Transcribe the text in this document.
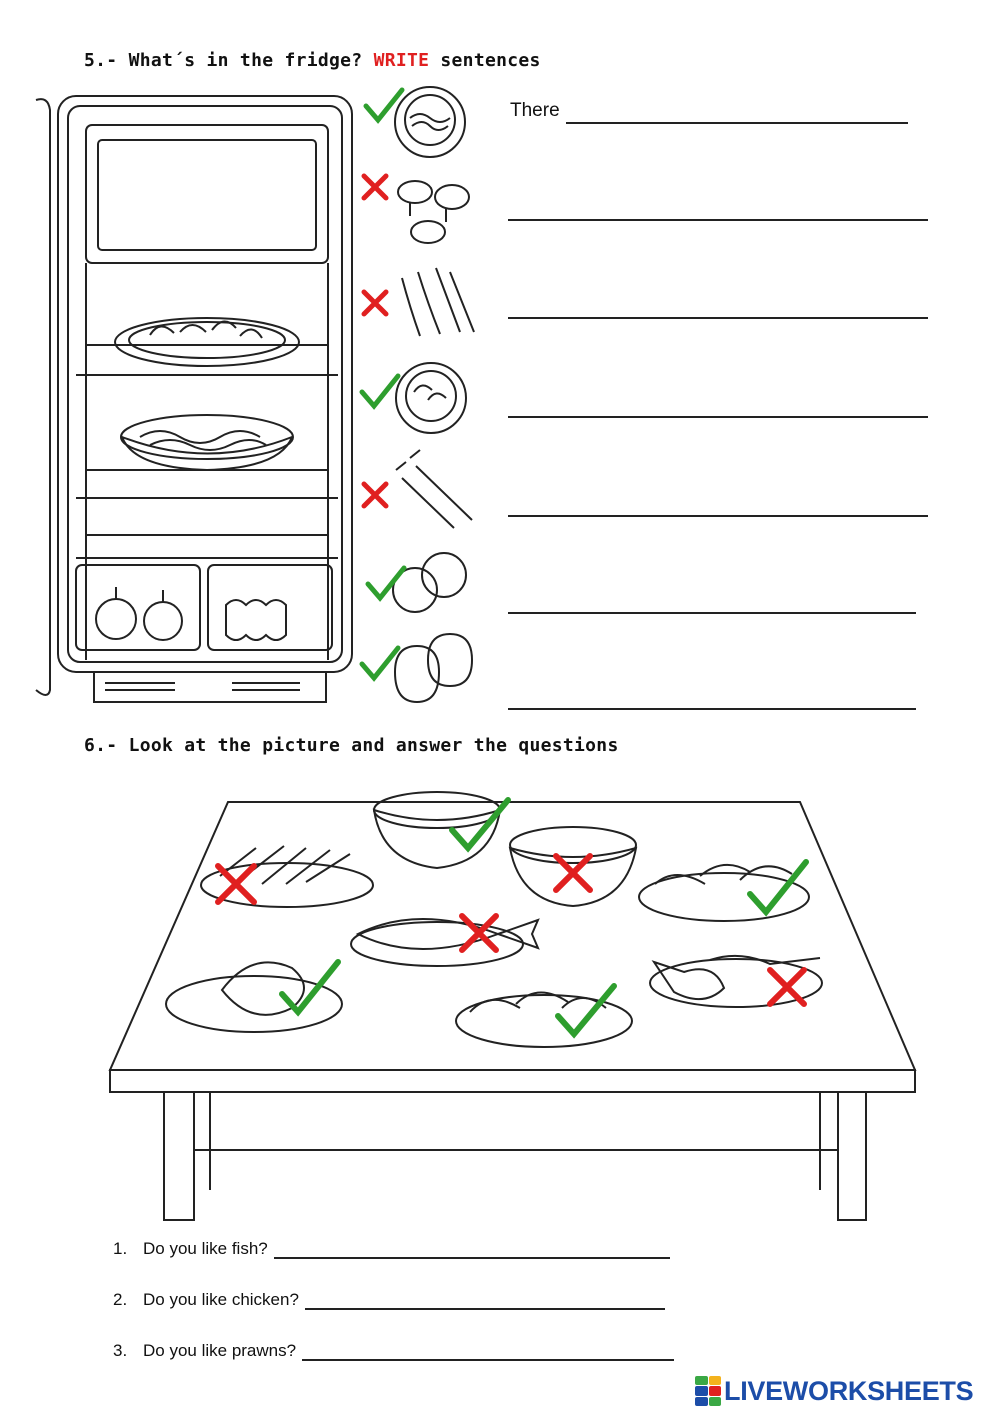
5.- What´s in the fridge? WRITE sentences
There
6.- Look at the picture and answer the questions
1. Do you like fish?
2. Do you like chicken?
3. Do you like prawns?
LIVEWORKSHEETS
